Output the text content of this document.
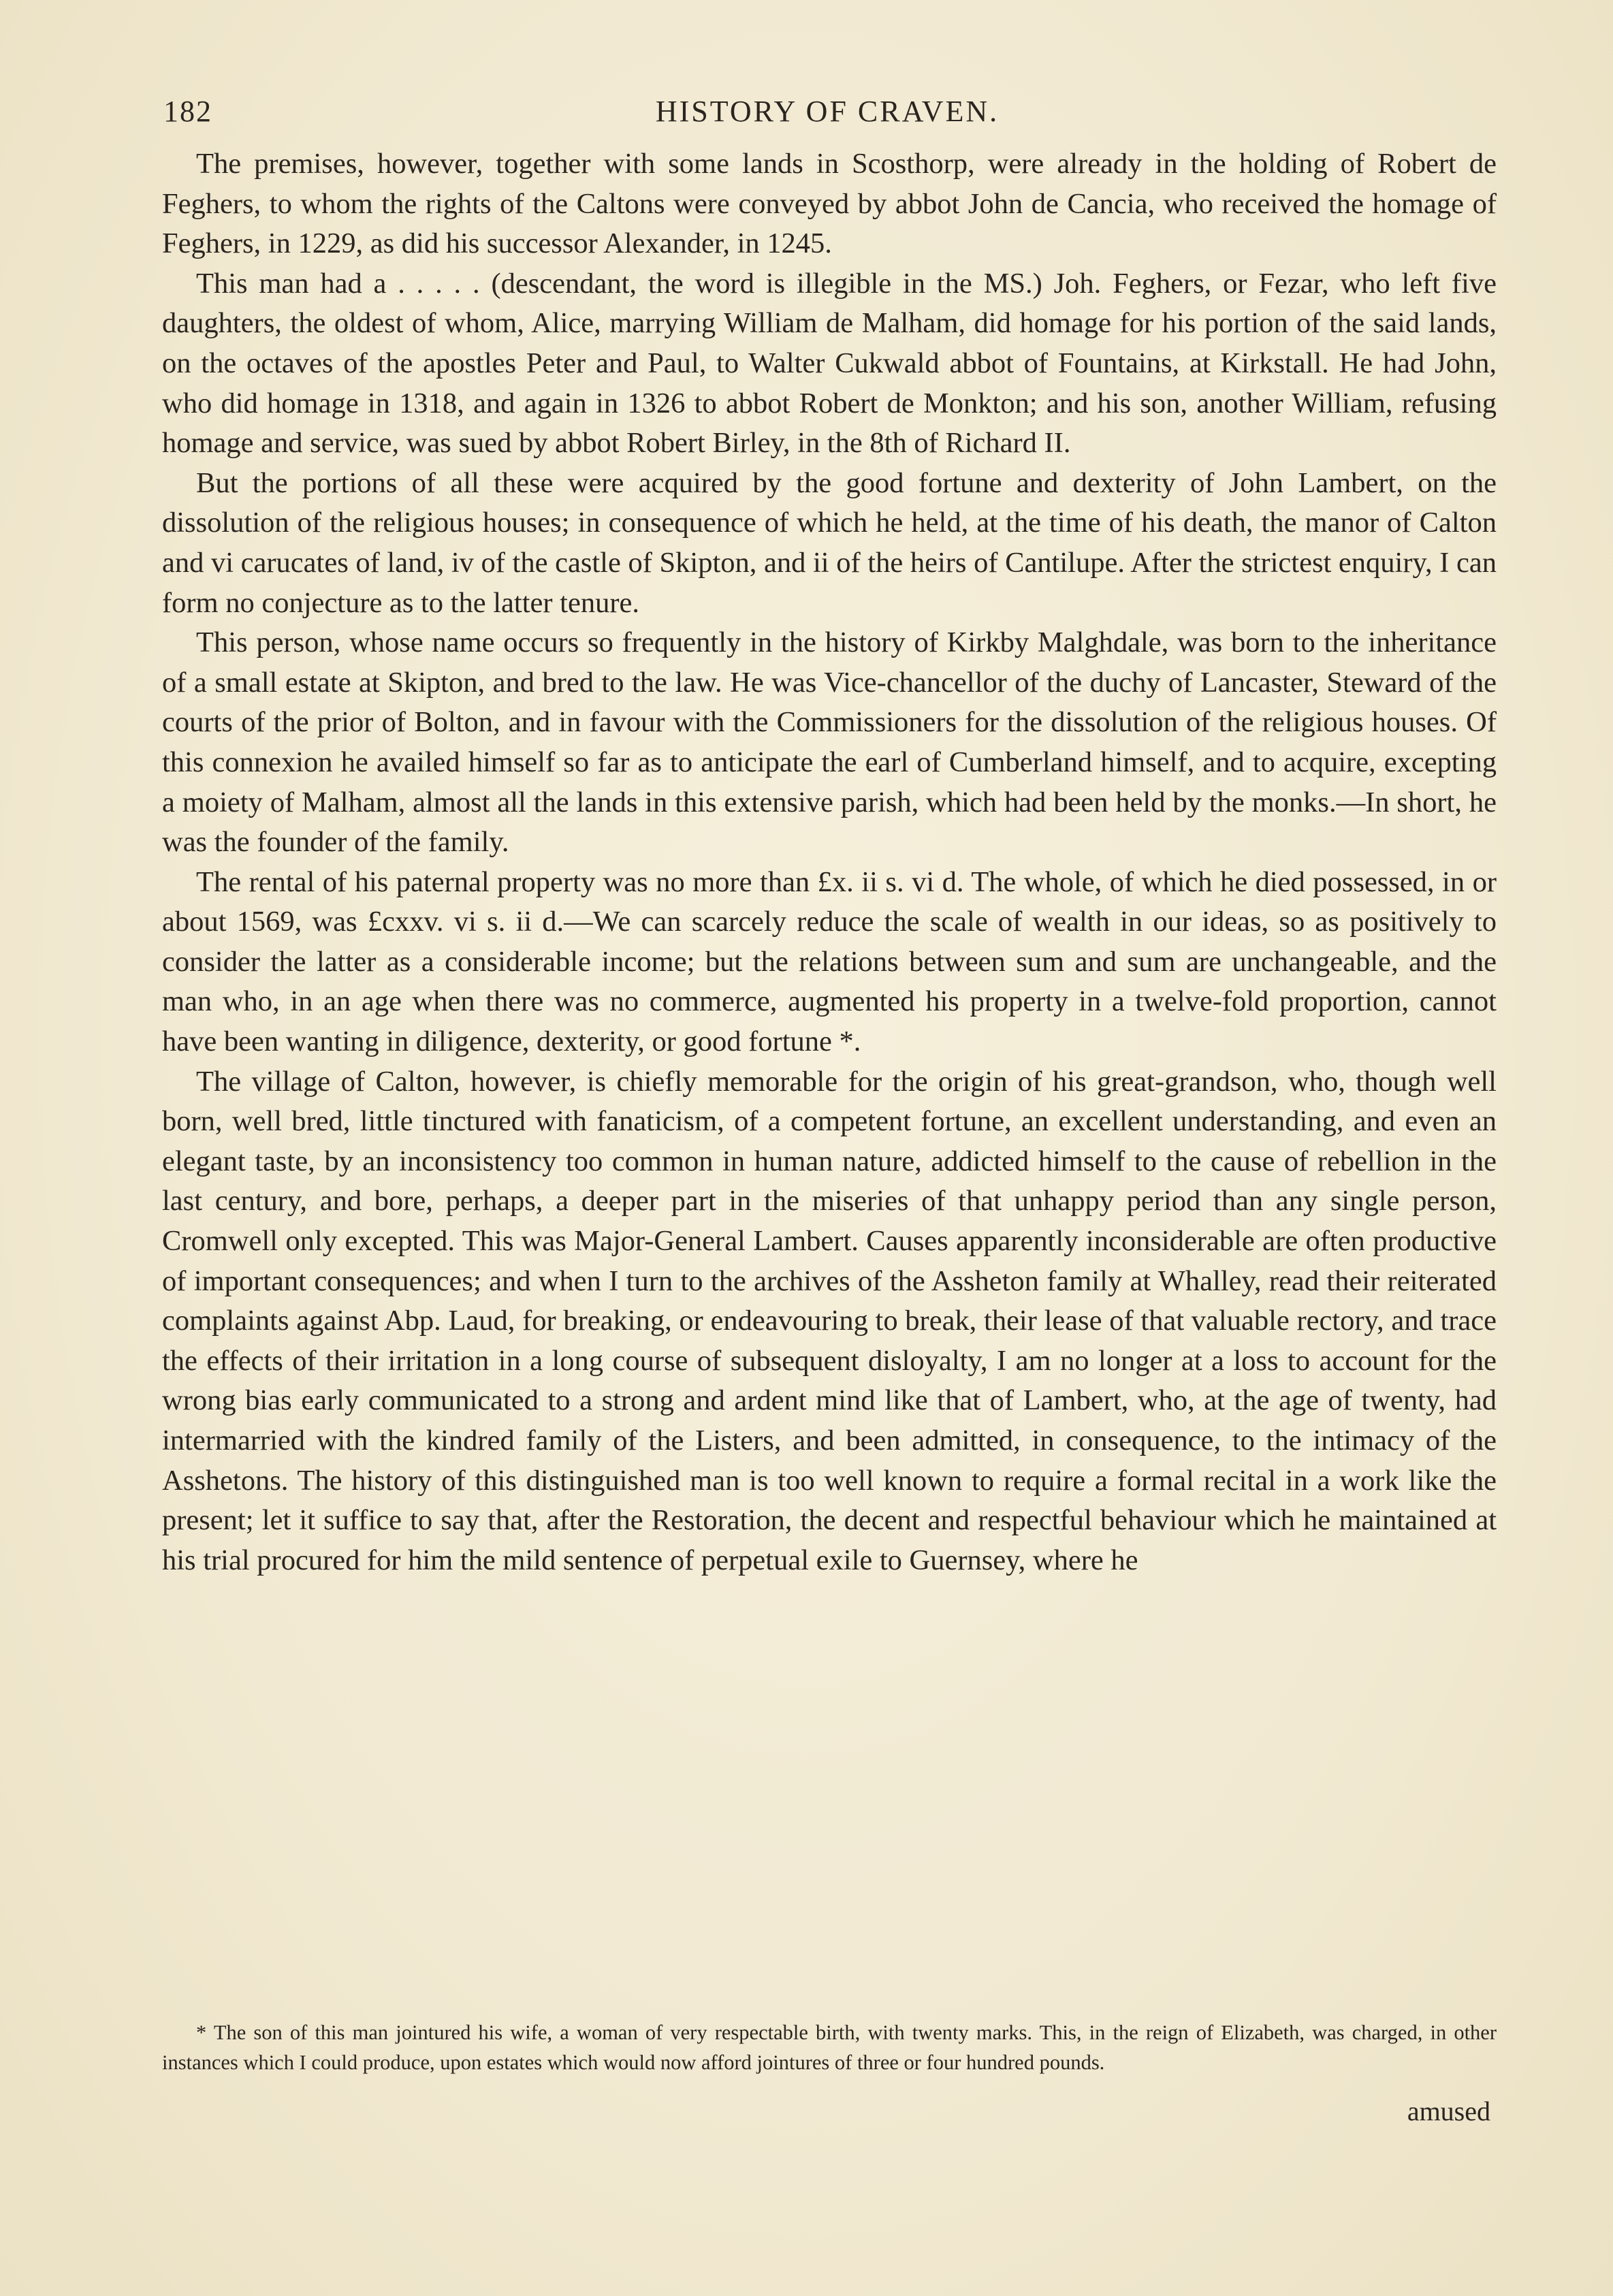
182	HISTORY OF CRAVEN.

The premises, however, together with some lands in Scosthorp, were already in the holding of Robert de Feghers, to whom the rights of the Caltons were conveyed by abbot John de Cancia, who received the homage of Feghers, in 1229, as did his successor Alexander, in 1245.

This man had a . . . . . (descendant, the word is illegible in the MS.) Joh. Feghers, or Fezar, who left five daughters, the oldest of whom, Alice, marrying William de Malham, did homage for his portion of the said lands, on the octaves of the apostles Peter and Paul, to Walter Cukwald abbot of Fountains, at Kirkstall. He had John, who did homage in 1318, and again in 1326 to abbot Robert de Monkton; and his son, another William, refusing homage and service, was sued by abbot Robert Birley, in the 8th of Richard II.

But the portions of all these were acquired by the good fortune and dexterity of John Lambert, on the dissolution of the religious houses; in consequence of which he held, at the time of his death, the manor of Calton and vi carucates of land, iv of the castle of Skipton, and ii of the heirs of Cantilupe. After the strictest enquiry, I can form no conjecture as to the latter tenure.

This person, whose name occurs so frequently in the history of Kirkby Malghdale, was born to the inheritance of a small estate at Skipton, and bred to the law. He was Vice-chancellor of the duchy of Lancaster, Steward of the courts of the prior of Bolton, and in favour with the Commissioners for the dissolution of the religious houses. Of this connexion he availed himself so far as to anticipate the earl of Cumberland himself, and to acquire, excepting a moiety of Malham, almost all the lands in this extensive parish, which had been held by the monks.—In short, he was the founder of the family.

The rental of his paternal property was no more than £x. ii s. vi d. The whole, of which he died possessed, in or about 1569, was £cxxv. vi s. ii d.—We can scarcely reduce the scale of wealth in our ideas, so as positively to consider the latter as a considerable income; but the relations between sum and sum are unchangeable, and the man who, in an age when there was no commerce, augmented his property in a twelve-fold proportion, cannot have been wanting in diligence, dexterity, or good fortune *.

The village of Calton, however, is chiefly memorable for the origin of his great-grandson, who, though well born, well bred, little tinctured with fanaticism, of a competent fortune, an excellent understanding, and even an elegant taste, by an inconsistency too common in human nature, addicted himself to the cause of rebellion in the last century, and bore, perhaps, a deeper part in the miseries of that unhappy period than any single person, Cromwell only excepted. This was Major-General Lambert. Causes apparently inconsiderable are often productive of important consequences; and when I turn to the archives of the Assheton family at Whalley, read their reiterated complaints against Abp. Laud, for breaking, or endeavouring to break, their lease of that valuable rectory, and trace the effects of their irritation in a long course of subsequent disloyalty, I am no longer at a loss to account for the wrong bias early communicated to a strong and ardent mind like that of Lambert, who, at the age of twenty, had intermarried with the kindred family of the Listers, and been admitted, in consequence, to the intimacy of the Asshetons. The history of this distinguished man is too well known to require a formal recital in a work like the present; let it suffice to say that, after the Restoration, the decent and respectful behaviour which he maintained at his trial procured for him the mild sentence of perpetual exile to Guernsey, where he

* The son of this man jointured his wife, a woman of very respectable birth, with twenty marks. This, in the reign of Elizabeth, was charged, in other instances which I could produce, upon estates which would now afford jointures of three or four hundred pounds.
amused
